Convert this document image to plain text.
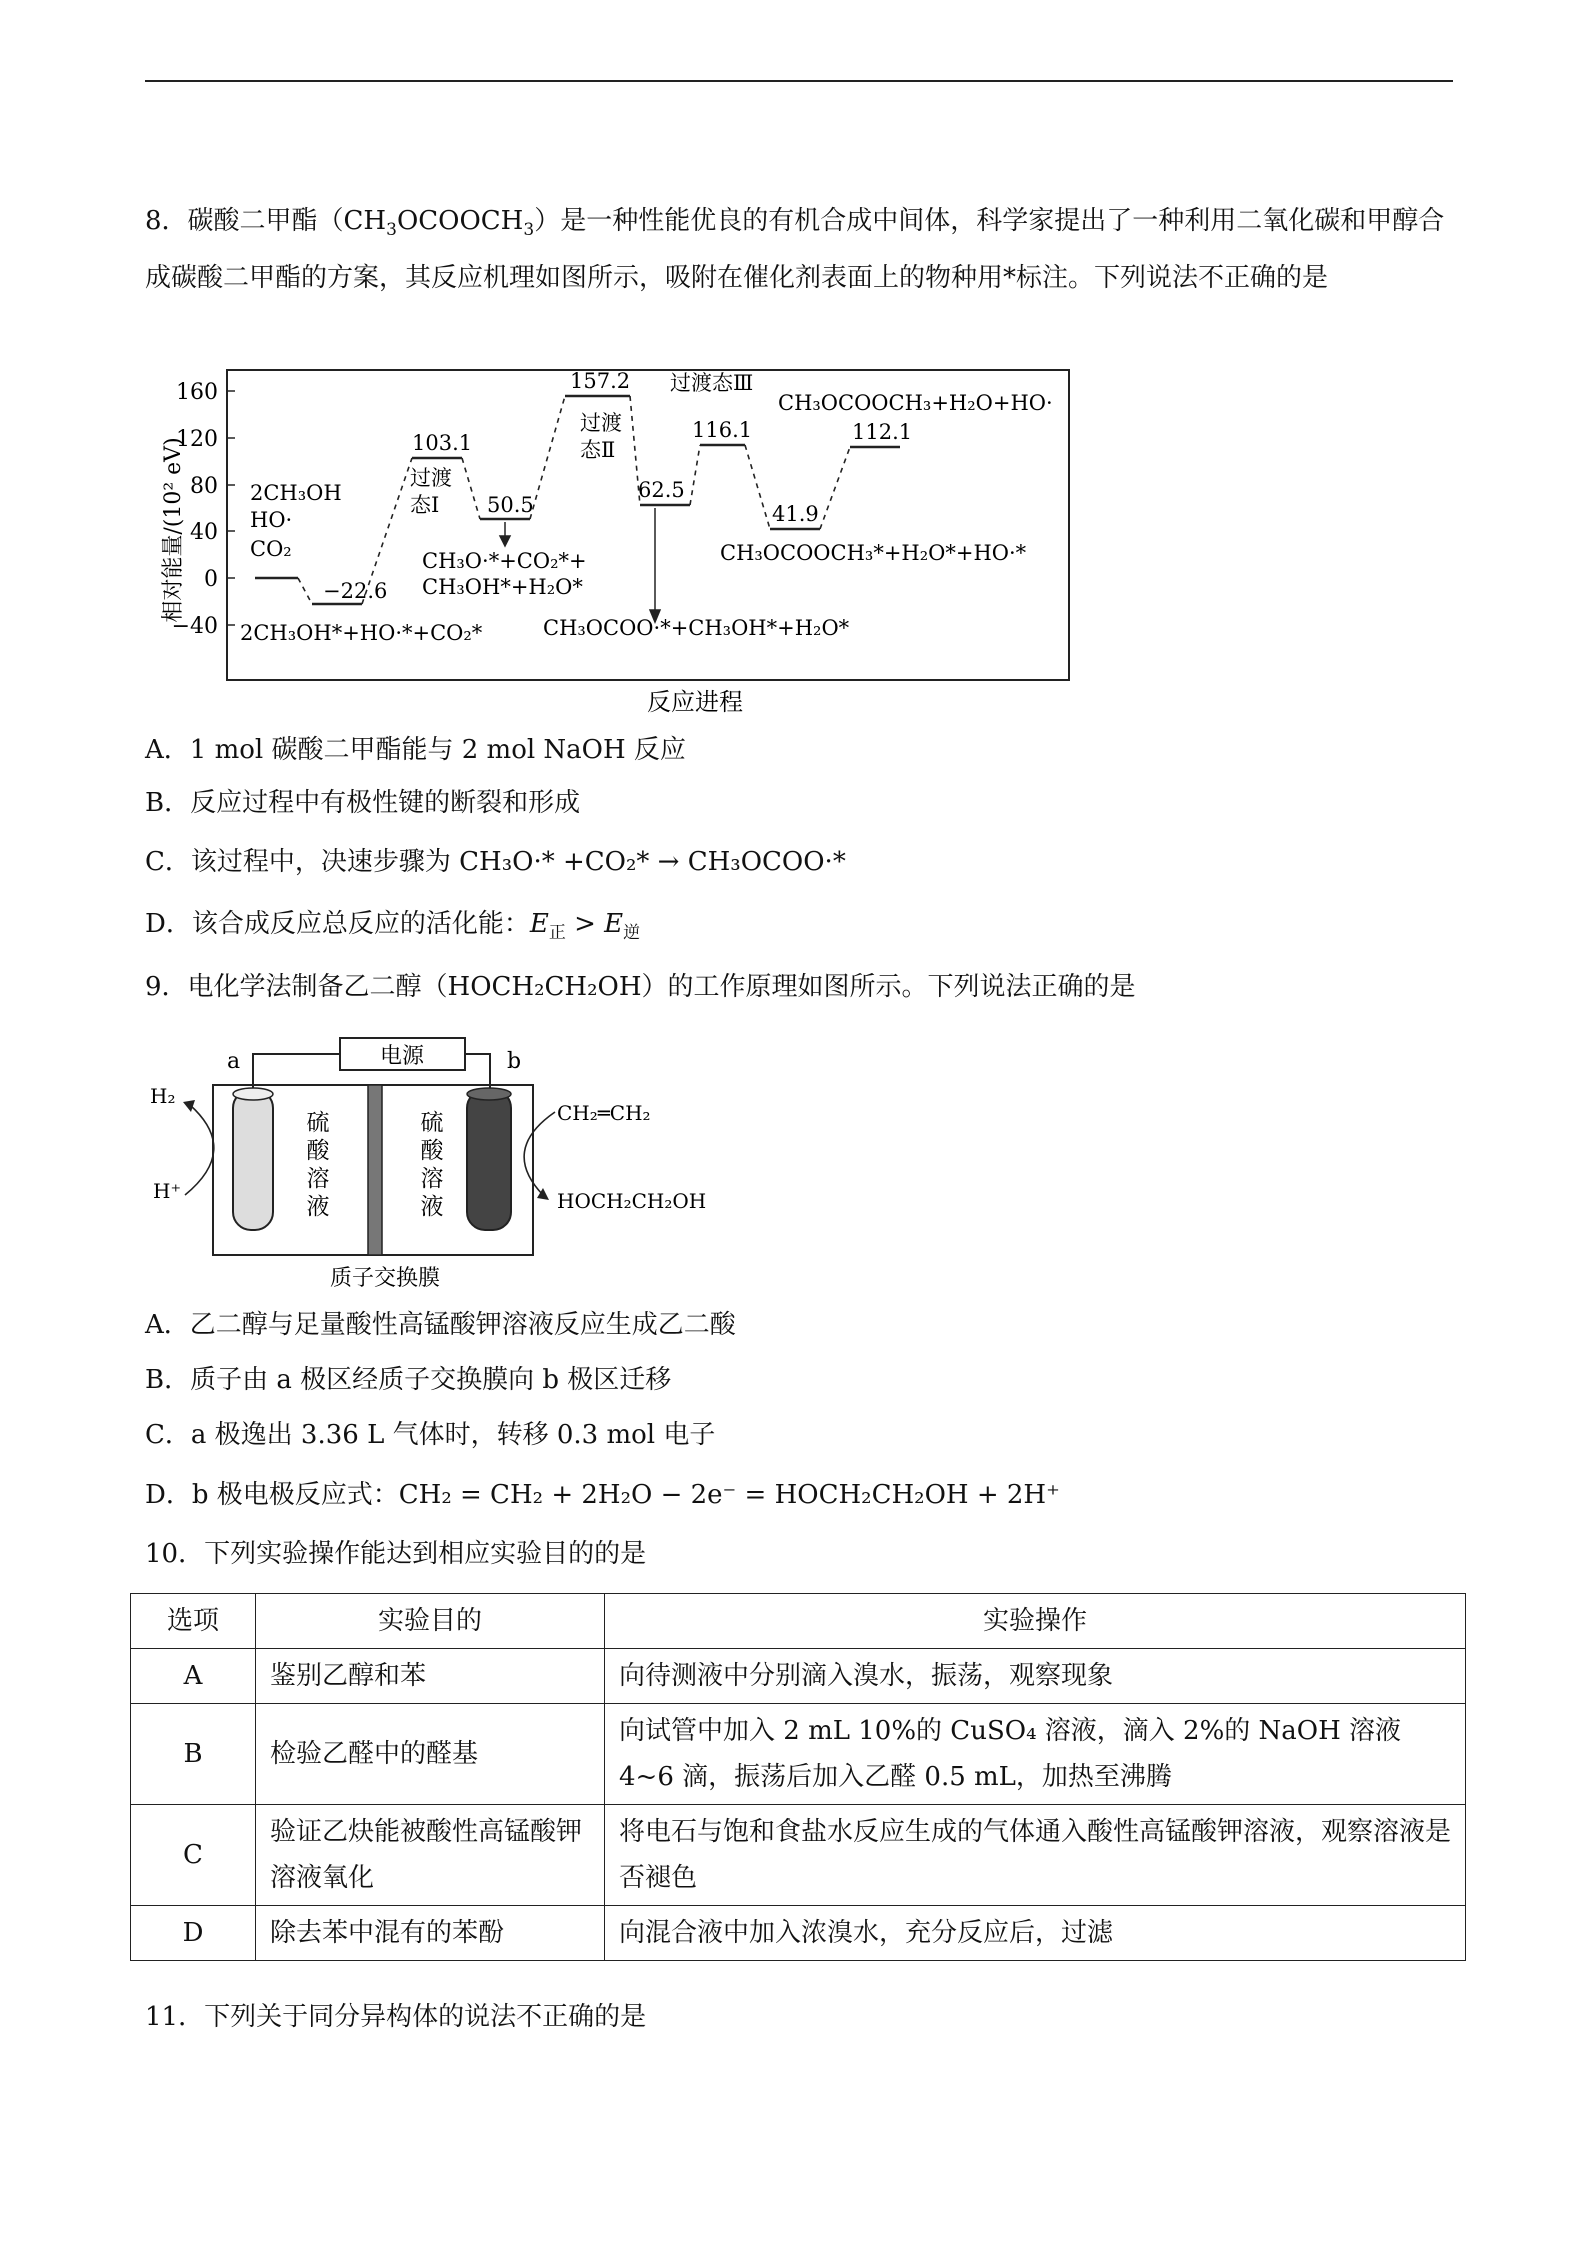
8．碳酸二甲酯$(CH_3OCOOCH_3)$是一种性能优良的有机合成中间体，科学家提出了一种利用二氧化碳和甲醇合成碳酸二甲酯的方案，其反应机理如图所示，吸附在催化剂表面上的物种用*标注。下列说法不正确的是
相对能量/(10² eV)
160
120
80
40
0
−40
−22.6
103.1
50.5
157.2
62.5
116.1
41.9
112.1
过渡
态Ⅰ
过渡
态Ⅱ
过渡态Ⅲ
2CH₃OH
HO·
CO₂
2CH₃OH*+HO·*+CO₂*
CH₃O·*+CO₂*+
CH₃OH*+H₂O*
CH₃OCOO·*+CH₃OH*+H₂O*
CH₃OCOOCH₃*+H₂O*+HO·*
CH₃OCOOCH₃+H₂O+HO·
反应进程
A．1 mol 碳酸二甲酯能与 2 mol NaOH 反应
B．反应过程中有极性键的断裂和形成
C．该过程中，决速步骤为 CH₃O·* +CO₂* → CH₃OCOO·*
D．该合成反应总反应的活化能：$E_正 > E_逆$
9．电化学法制备乙二醇（HOCH₂CH₂OH）的工作原理如图所示。下列说法正确的是
电源
a	b
硫
酸
溶
液
硫
酸
溶
液
H₂
H⁺
CH₂═CH₂
HOCH₂CH₂OH
质子交换膜
A．乙二醇与足量酸性高锰酸钾溶液反应生成乙二酸
B．质子由 a 极区经质子交换膜向 b 极区迁移
C．a 极逸出 3.36 L 气体时，转移 0.3 mol 电子
D．b 极电极反应式：CH₂ = CH₂ + 2H₂O − 2e⁻ = HOCH₂CH₂OH + 2H⁺
10．下列实验操作能达到相应实验目的的是
选项	实验目的	实验操作
A	鉴别乙醇和苯	向待测液中分别滴入溴水，振荡，观察现象
B	检验乙醛中的醛基	向试管中加入 2 mL 10%的 CuSO₄ 溶液，滴入 2%的 NaOH 溶液 4~6 滴，振荡后加入乙醛 0.5 mL，加热至沸腾
C	验证乙炔能被酸性高锰酸钾溶液氧化	将电石与饱和食盐水反应生成的气体通入酸性高锰酸钾溶液，观察溶液是否褪色
D	除去苯中混有的苯酚	向混合液中加入浓溴水，充分反应后，过滤
11．下列关于同分异构体的说法不正确的是
